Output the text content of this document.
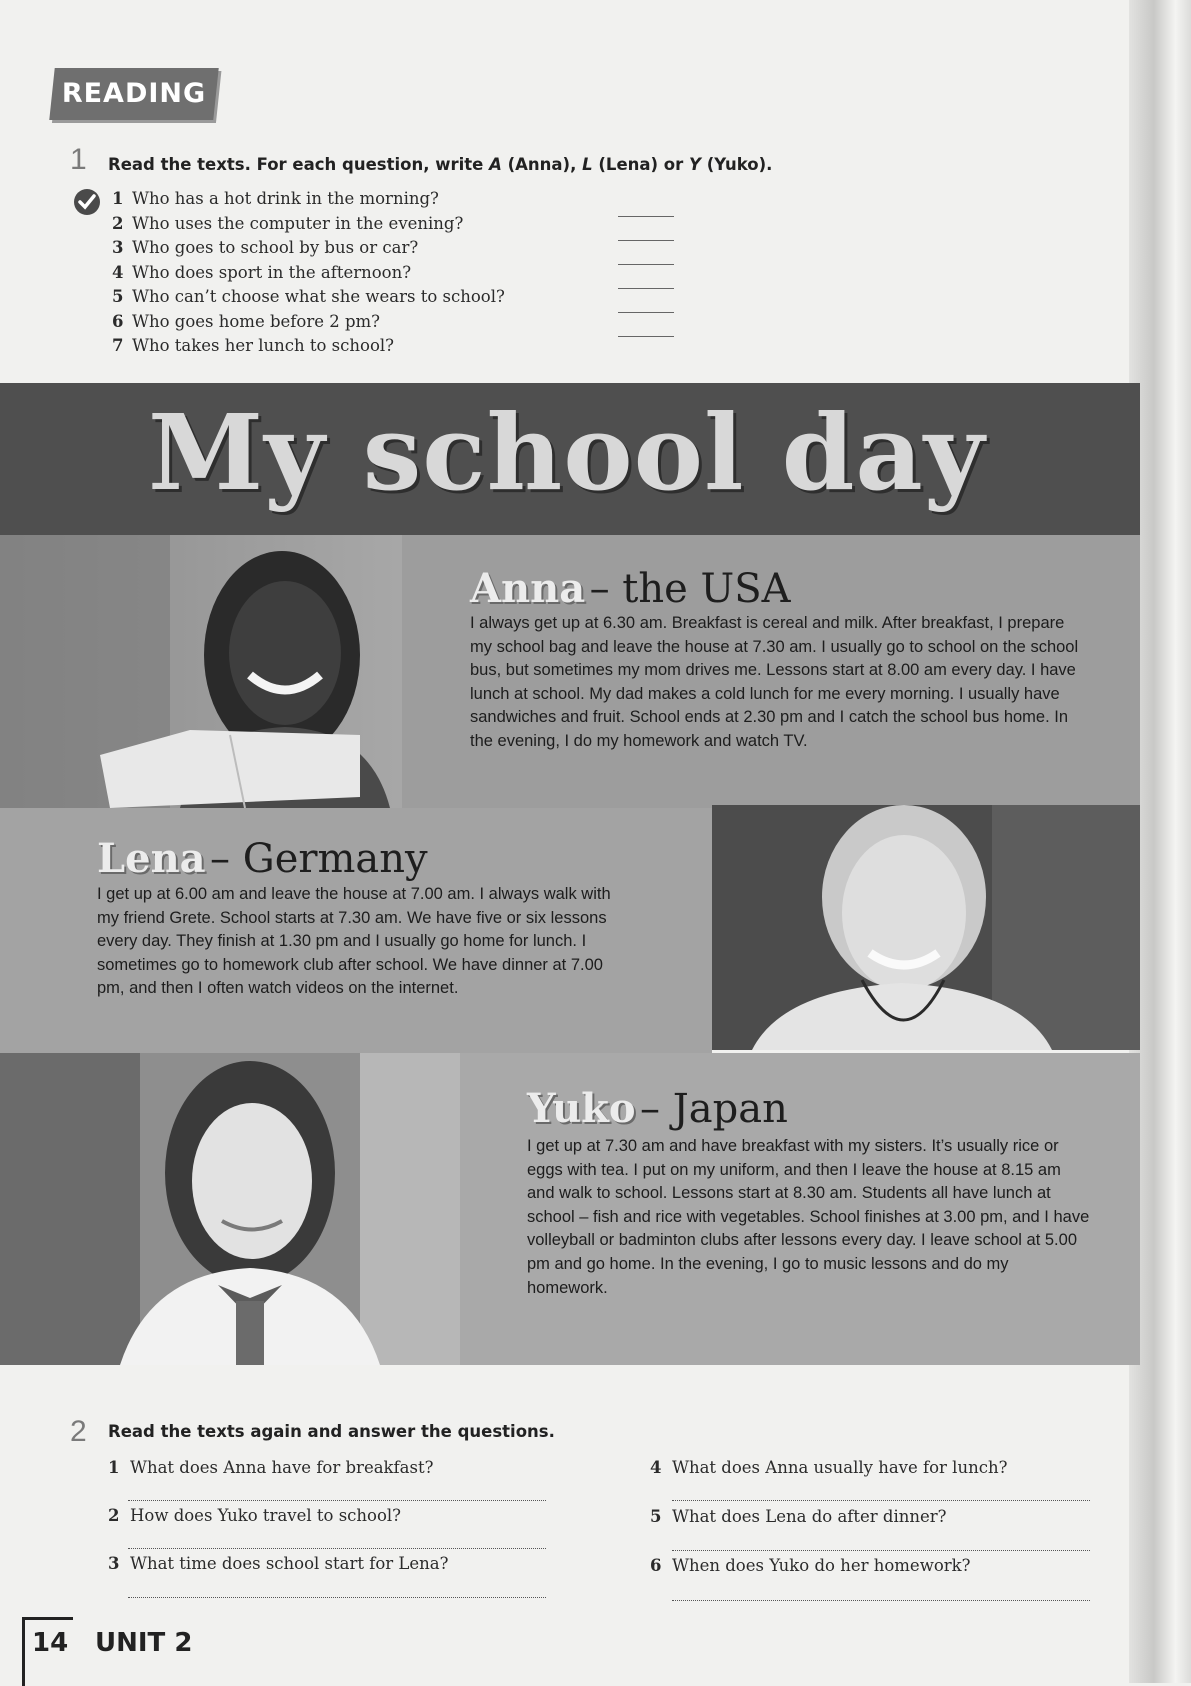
READING
1 Read the texts. For each question, write A (Anna), L (Lena) or Y (Yuko).
1 Who has a hot drink in the morning?
2 Who uses the computer in the evening?
3 Who goes to school by bus or car?
4 Who does sport in the afternoon?
5 Who can’t choose what she wears to school?
6 Who goes home before 2 pm?
7 Who takes her lunch to school?
My school day
Anna – the USA
I always get up at 6.30 am. Breakfast is cereal and milk. After breakfast, I prepare my school bag and leave the house at 7.30 am. I usually go to school on the school bus, but sometimes my mom drives me. Lessons start at 8.00 am every day. I have lunch at school. My dad makes a cold lunch for me every morning. I usually have sandwiches and fruit. School ends at 2.30 pm and I catch the school bus home. In the evening, I do my homework and watch TV.
Lena – Germany
I get up at 6.00 am and leave the house at 7.00 am. I always walk with my friend Grete. School starts at 7.30 am. We have five or six lessons every day. They finish at 1.30 pm and I usually go home for lunch. I sometimes go to homework club after school. We have dinner at 7.00 pm, and then I often watch videos on the internet.
Yuko – Japan
I get up at 7.30 am and have breakfast with my sisters. It’s usually rice or eggs with tea. I put on my uniform, and then I leave the house at 8.15 am and walk to school. Lessons start at 8.30 am. Students all have lunch at school – fish and rice with vegetables. School finishes at 3.00 pm, and I have volleyball or badminton clubs after lessons every day. I leave school at 5.00 pm and go home. In the evening, I go to music lessons and do my homework.
2 Read the texts again and answer the questions.
1 What does Anna have for breakfast?
2 How does Yuko travel to school?
3 What time does school start for Lena?
4 What does Anna usually have for lunch?
5 What does Lena do after dinner?
6 When does Yuko do her homework?
14 UNIT 2
